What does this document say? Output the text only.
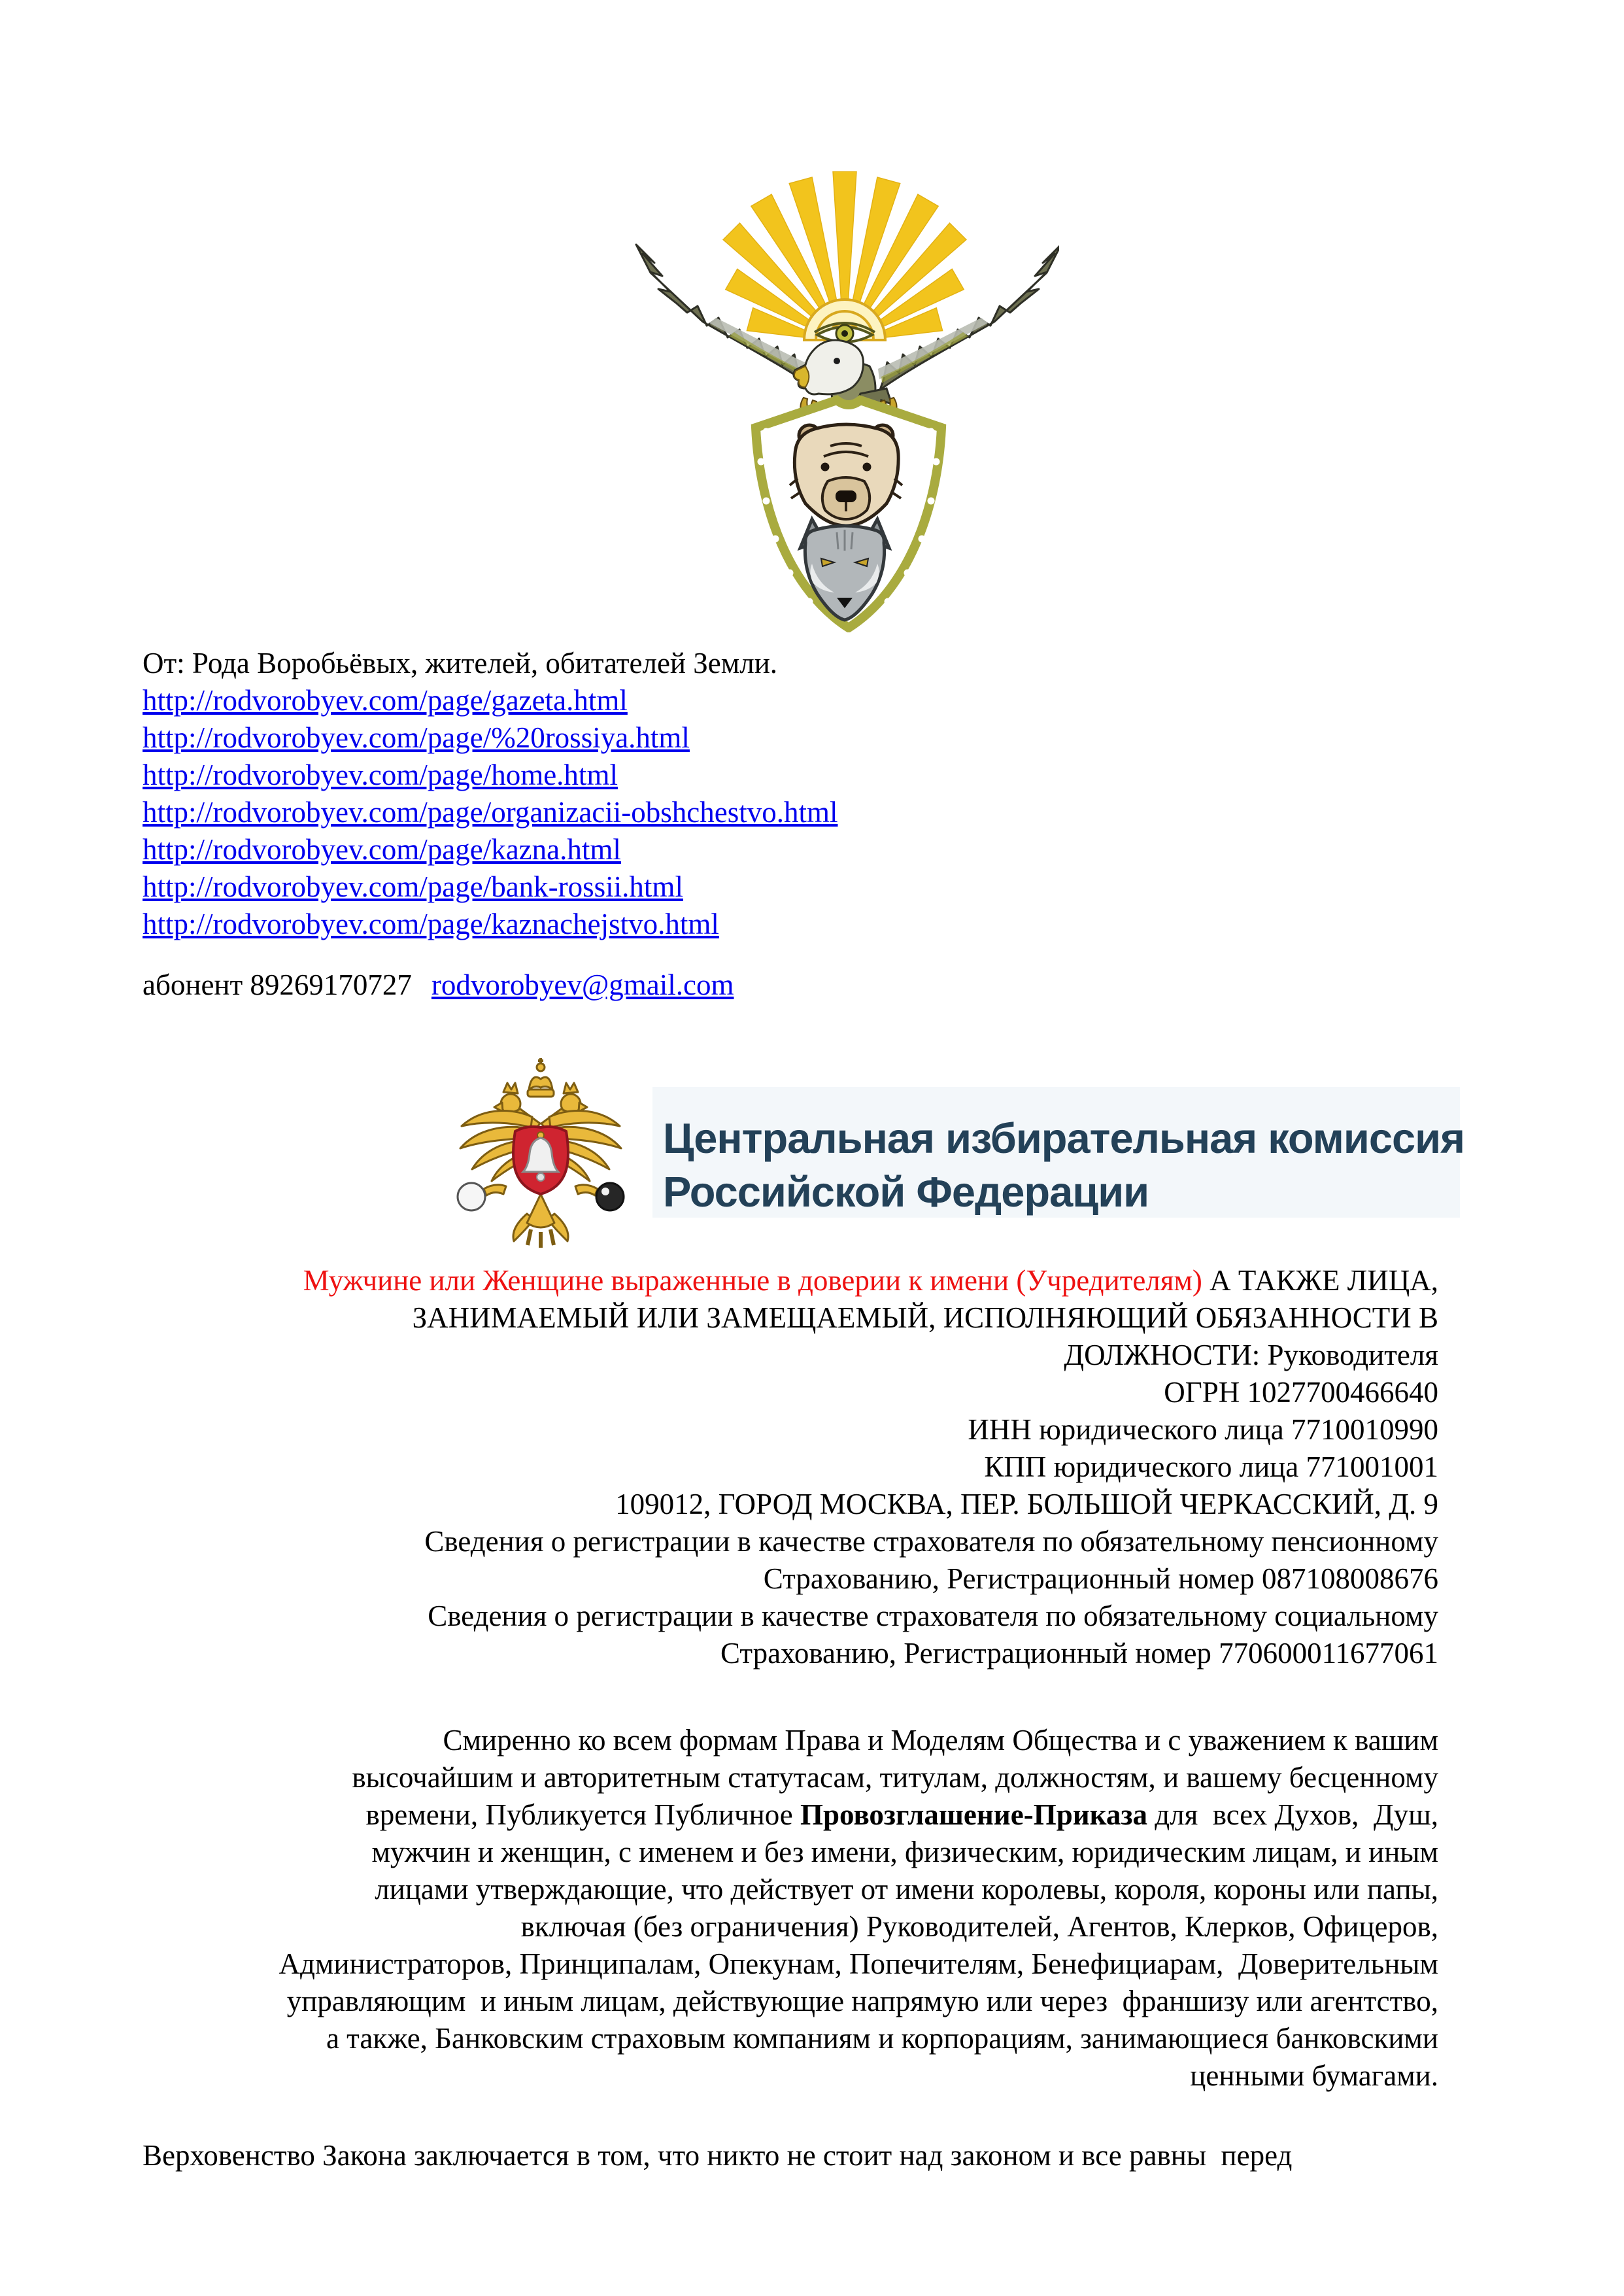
От: Рода Воробьёвых, жителей, обитателей Земли.
http://rodvorobyev.com/page/gazeta.html
http://rodvorobyev.com/page/%20rossiya.html
http://rodvorobyev.com/page/home.html
http://rodvorobyev.com/page/organizacii-obshchestvo.html
http://rodvorobyev.com/page/kazna.html
http://rodvorobyev.com/page/bank-rossii.html
http://rodvorobyev.com/page/kaznachejstvo.html
абонент 89269170727 rodvorobyev@gmail.com
Центральная избирательная комиссия
Российской Федерации
Мужчине или Женщине выраженные в доверии к имени (Учредителям) А ТАКЖЕ ЛИЦА,
ЗАНИМАЕМЫЙ ИЛИ ЗАМЕЩАЕМЫЙ, ИСПОЛНЯЮЩИЙ ОБЯЗАННОСТИ В
ДОЛЖНОСТИ: Руководителя
ОГРН 1027700466640
ИНН юридического лица 7710010990
КПП юридического лица 771001001
109012, ГОРОД МОСКВА, ПЕР. БОЛЬШОЙ ЧЕРКАССКИЙ, Д. 9
Сведения о регистрации в качестве страхователя по обязательному пенсионному
Страхованию, Регистрационный номер 087108008676
Сведения о регистрации в качестве страхователя по обязательному социальному
Страхованию, Регистрационный номер 770600011677061
Смиренно ко всем формам Права и Моделям Общества и с уважением к вашим
высочайшим и авторитетным статутасам, титулам, должностям, и вашему бесценному
времени, Публикуется Публичное Провозглашение-Приказа для  всех Духов,  Душ,
мужчин и женщин, с именем и без имени, физическим, юридическим лицам, и иным
лицами утверждающие, что действует от имени королевы, короля, короны или папы,
включая (без ограничения) Руководителей, Агентов, Клерков, Офицеров,
Администраторов, Принципалам, Опекунам, Попечителям, Бенефициарам,  Доверительным
управляющим  и иным лицам, действующие напрямую или через  франшизу или агентство,
а также, Банковским страховым компаниям и корпорациям, занимающиеся банковскими
ценными бумагами.
Верховенство Закона заключается в том, что никто не стоит над законом и все равны  перед
